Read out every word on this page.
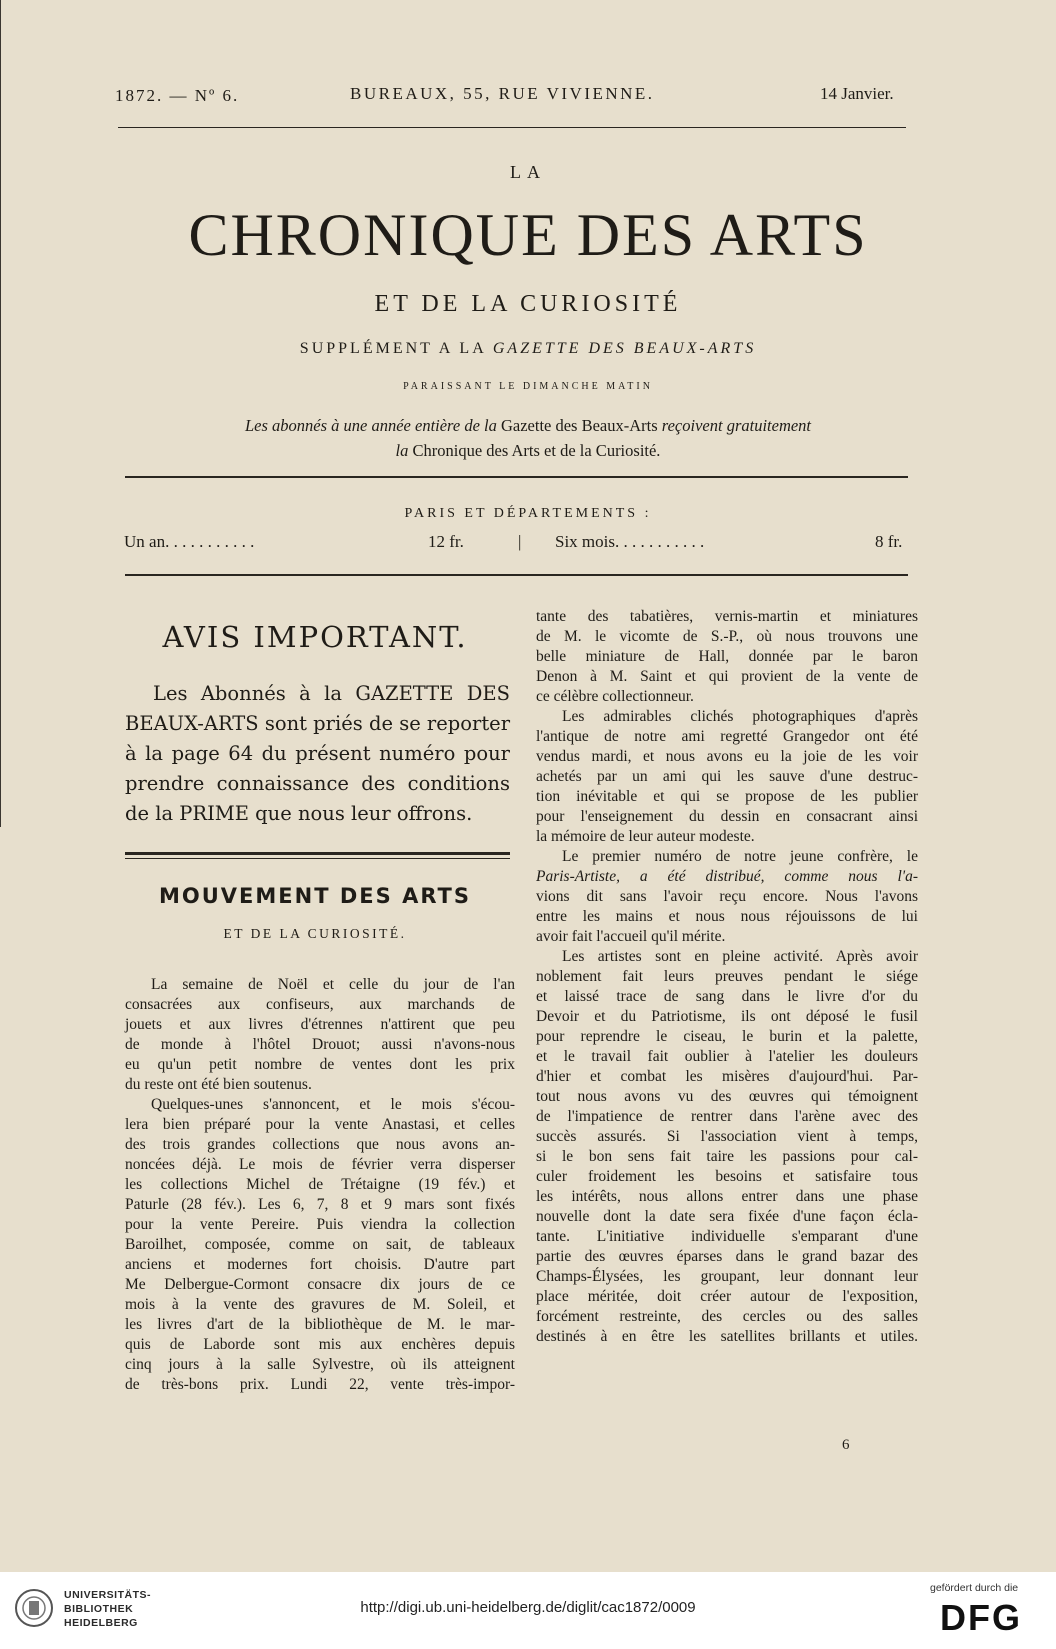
1872. — Nº 6.	BUREAUX, 55, RUE VIVIENNE.	14 Janvier.
LA
CHRONIQUE DES ARTS
ET DE LA CURIOSITÉ
SUPPLÉMENT A LA GAZETTE DES BEAUX-ARTS
PARAISSANT LE DIMANCHE MATIN
Les abonnés à une année entière de la Gazette des Beaux-Arts reçoivent gratuitement
la Chronique des Arts et de la Curiosité.
PARIS ET DÉPARTEMENTS :
Un an. . . . . . . . . . .	12 fr.	| Six mois. . . . . . . . . . .	8 fr.
AVIS IMPORTANT.
Les Abonnés à la GAZETTE DES
BEAUX-ARTS sont priés de se reporter
à la page 64 du présent numéro pour
prendre connaissance des conditions
de la PRIME que nous leur offrons.
MOUVEMENT DES ARTS
ET DE LA CURIOSITÉ.
La semaine de Noël et celle du jour de l'an
consacrées aux confiseurs, aux marchands de
jouets et aux livres d'étrennes n'attirent que peu
de monde à l'hôtel Drouot; aussi n'avons-nous
eu qu'un petit nombre de ventes dont les prix
du reste ont été bien soutenus.
Quelques-unes s'annoncent, et le mois s'écou-
lera bien préparé pour la vente Anastasi, et celles
des trois grandes collections que nous avons an-
noncées déjà. Le mois de février verra disperser
les collections Michel de Trétaigne (19 fév.) et
Paturle (28 fév.). Les 6, 7, 8 et 9 mars sont fixés
pour la vente Pereire. Puis viendra la collection
Baroilhet, composée, comme on sait, de tableaux
anciens et modernes fort choisis. D'autre part
Me Delbergue-Cormont consacre dix jours de ce
mois à la vente des gravures de M. Soleil, et
les livres d'art de la bibliothèque de M. le mar-
quis de Laborde sont mis aux enchères depuis
cinq jours à la salle Sylvestre, où ils atteignent
de très-bons prix. Lundi 22, vente très-impor-
tante des tabatières, vernis-martin et miniatures
de M. le vicomte de S.-P., où nous trouvons une
belle miniature de Hall, donnée par le baron
Denon à M. Saint et qui provient de la vente de
ce célèbre collectionneur.
Les admirables clichés photographiques d'après
l'antique de notre ami regretté Grangedor ont été
vendus mardi, et nous avons eu la joie de les voir
achetés par un ami qui les sauve d'une destruc-
tion inévitable et qui se propose de les publier
pour l'enseignement du dessin en consacrant ainsi
la mémoire de leur auteur modeste.
Le premier numéro de notre jeune confrère, le
Paris-Artiste, a été distribué, comme nous l'a-
vions dit sans l'avoir reçu encore. Nous l'avons
entre les mains et nous nous réjouissons de lui
avoir fait l'accueil qu'il mérite.
Les artistes sont en pleine activité. Après avoir
noblement fait leurs preuves pendant le siége
et laissé trace de sang dans le livre d'or du
Devoir et du Patriotisme, ils ont déposé le fusil
pour reprendre le ciseau, le burin et la palette,
et le travail fait oublier à l'atelier les douleurs
d'hier et combat les misères d'aujourd'hui. Par-
tout nous avons vu des œuvres qui témoignent
de l'impatience de rentrer dans l'arène avec des
succès assurés. Si l'association vient à temps,
si le bon sens fait taire les passions pour cal-
culer froidement les besoins et satisfaire tous
les intérêts, nous allons entrer dans une phase
nouvelle dont la date sera fixée d'une façon écla-
tante. L'initiative individuelle s'emparant d'une
partie des œuvres éparses dans le grand bazar des
Champs-Élysées, les groupant, leur donnant leur
place méritée, doit créer autour de l'exposition,
forcément restreinte, des cercles ou des salles
destinés à en être les satellites brillants et utiles.
6
UNIVERSITÄTS-
BIBLIOTHEK
HEIDELBERG
http://digi.ub.uni-heidelberg.de/diglit/cac1872/0009
gefördert durch die
DFG
